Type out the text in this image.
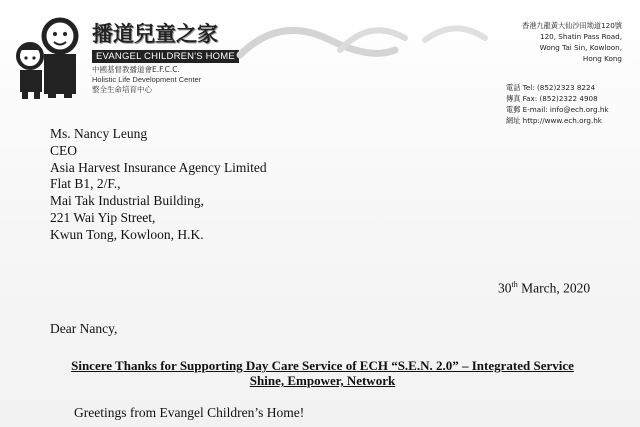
播道兒童之家
EVANGEL CHILDREN'S HOME
中國基督教播道會E.F.C.C.
Holistic Life Development Center
整全生命培育中心
香港九龍黃大仙沙田坳道120號
120, Shatin Pass Road,
Wong Tai Sin, Kowloon,
Hong Kong
電話 Tel: (852)2323 8224
傳真 Fax: (852)2322 4908
電郵 E-mail: info@ech.org.hk
網址 http://www.ech.org.hk
Ms. Nancy Leung
CEO
Asia Harvest Insurance Agency Limited
Flat B1, 2/F.,
Mai Tak Industrial Building,
221 Wai Yip Street,
Kwun Tong, Kowloon, H.K.
30th March, 2020
Dear Nancy,
Sincere Thanks for Supporting Day Care Service of ECH “S.E.N. 2.0” – Integrated Service
Shine, Empower, Network
Greetings from Evangel Children’s Home!
